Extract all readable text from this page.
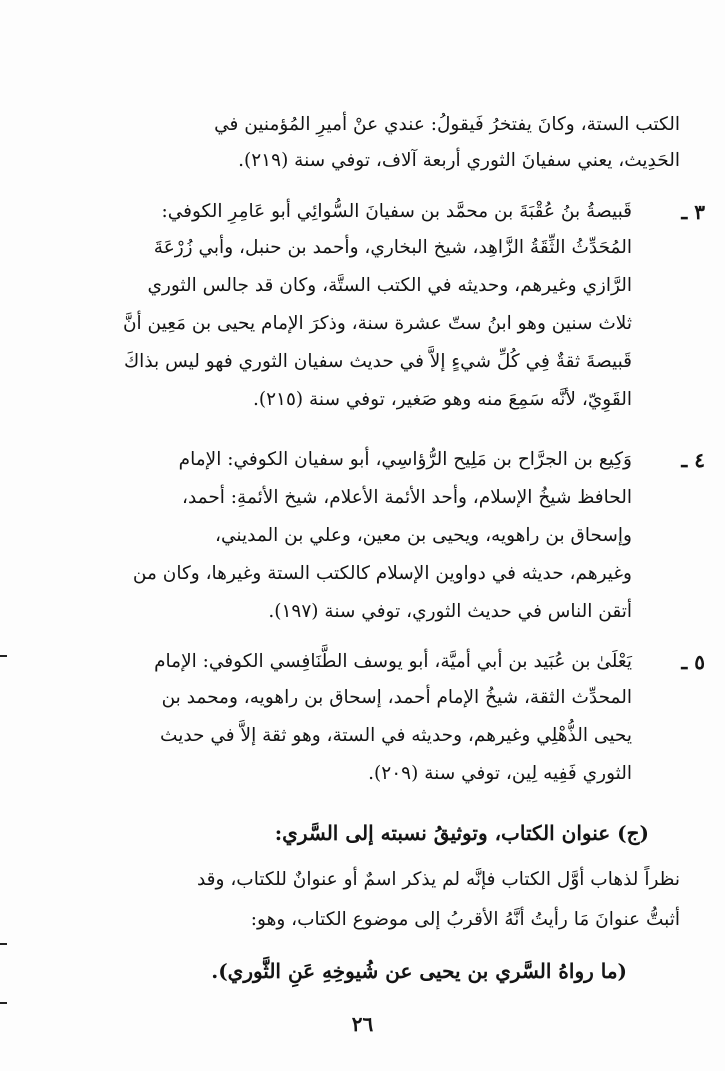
الكتب الستة، وكانَ يفتخرُ فَيقولُ: عندي عنْ أميرِ المُؤمنين في
الحَدِيث، يعني سفيانَ الثوري أربعة آلاف، توفي سنة (٢١٩).
٣ ـ
قَبيصةُ بنُ عُقْبَةَ بن محمَّد بن سفيانَ السُّوائِي أبو عَامِرِ الكوفي:
المُحَدِّثُ الثِّقَةُ الزَّاهِد، شيخ البخاري، وأحمد بن حنبل، وأبي زُرْعَةَ
الرَّازي وغيرهم، وحديثه في الكتب الستَّة، وكان قد جالس الثوري
ثلاث سنين وهو ابنُ ستّ عشرة سنة، وذكرَ الإمام يحيى بن مَعِين أنَّ
قَبيصةَ ثقةٌ فِي كُلِّ شيءٍ إلاَّ في حديث سفيان الثوري فهو ليس بذاكَ
القَوِيّ، لأنَّه سَمِعَ منه وهو صَغير، توفي سنة (٢١٥).
٤ ـ
وَكِيع بن الجرَّاح بن مَلِيح الرُّؤاسِي، أبو سفيان الكوفي: الإمام
الحافظ شيخُ الإسلام، وأحد الأئمة الأعلام، شيخ الأئمةِ: أحمد،
وإسحاق بن راهويه، ويحيى بن معين، وعلي بن المديني،
وغيرهم، حديثه في دواوين الإسلام كالكتب الستة وغيرها، وكان من
أتقن الناس في حديث الثوري، توفي سنة (١٩٧).
٥ ـ
يَعْلَىٰ بن عُبَيد بن أبي أميَّة، أبو يوسف الطَّنَافِسي الكوفي: الإمام
المحدِّث الثقة، شيخُ الإمام أحمد، إسحاق بن راهويه، ومحمد بن
يحيى الذُّهْلِي وغيرهم، وحديثه في الستة، وهو ثقة إلاَّ في حديث
الثوري فَفِيه لِين، توفي سنة (٢٠٩).
(ج) عنوان الكتاب، وتوثيقُ نسبته إلى السَّري:
نظراً لذهاب أوَّل الكتاب فإنَّه لم يذكر اسمٌ أو عنوانٌ للكتاب، وقد
أثبتُّ عنوانَ مَا رأيتُ أنَّهُ الأقربُ إلى موضوع الكتاب، وهو:
(ما رواهُ السَّري بن يحيى عن شُيوخِهِ عَنِ الثَّوري).
٢٦
